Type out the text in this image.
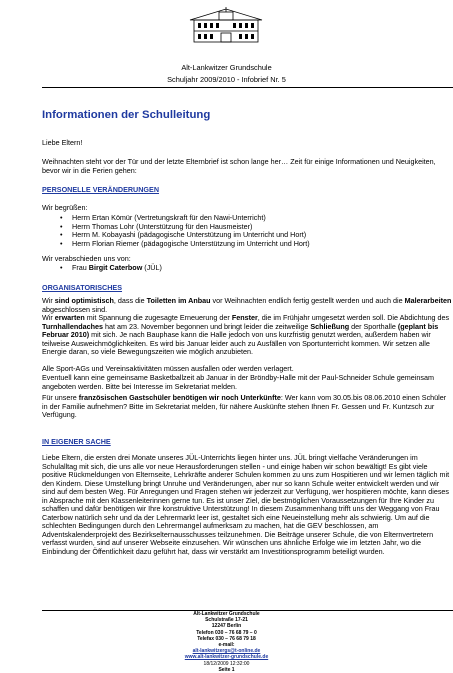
Alt-Lankwitzer Grundschule
Schuljahr 2009/2010 - Infobrief Nr. 5
Informationen der Schulleitung
Liebe Eltern!
Weihnachten steht vor der Tür und der letzte Elternbrief ist schon lange her… Zeit für einige Informationen und Neuigkeiten, bevor wir in die Ferien gehen:
PERSONELLE VERÄNDERUNGEN
Wir begrüßen:
• Herrn Ertan Kömür (Vertretungskraft für den Nawi-Unterricht)
• Herrn Thomas Lohr (Unterstützung für den Hausmeister)
• Herrn M. Kobayashi (pädagogische Unterstützung im Unterricht und Hort)
• Herrn Florian Riemer (pädagogische Unterstützung im Unterricht und Hort)
Wir verabschieden uns von:
• Frau Birgit Caterbow (JÜL)
ORGANISATORISCHES
Wir sind optimistisch, dass die Toiletten im Anbau vor Weihnachten endlich fertig gestellt werden und auch die Malerarbeiten abgeschlossen sind.
Wir erwarten mit Spannung die zugesagte Erneuerung der Fenster, die im Frühjahr umgesetzt werden soll. Die Abdichtung des Turnhallendaches hat am 23. November begonnen und bringt leider die zeitweilige Schließung der Sporthalle (geplant bis Februar 2010) mit sich. Je nach Bauphase kann die Halle jedoch von uns kurzfristig genutzt werden, außerdem haben wir teilweise Ausweichmöglichkeiten. Es wird bis Januar leider auch zu Ausfällen von Sportunterricht kommen. Wir setzen alle Energie daran, so viele Bewegungszeiten wie möglich anzubieten.
Alle Sport-AGs und Vereinsaktivitäten müssen ausfallen oder werden verlagert.
Eventuell kann eine gemeinsame Basketballzeit ab Januar in der Bröndby-Halle mit der Paul-Schneider Schule gemeinsam angeboten werden. Bitte bei Interesse im Sekretariat melden.
Für unsere französischen Gastschüler benötigen wir noch Unterkünfte: Wer kann vom 30.05.bis 08.06.2010 einen Schüler in der Familie aufnehmen? Bitte im Sekretariat melden, für nähere Auskünfte stehen Ihnen Fr. Gessen und Fr. Kuntzsch zur Verfügung.
IN EIGENER SACHE
Liebe Eltern, die ersten drei Monate unseres JÜL-Unterrichts liegen hinter uns. JÜL bringt vielfache Veränderungen im Schulalltag mit sich, die uns alle vor neue Herausforderungen stellen - und einige haben wir schon bewältigt! Es gibt viele positive Rückmeldungen von Elternseite, Lehrkräfte anderer Schulen kommen zu uns zum Hospitieren und wir lernen täglich mit den Kindern. Diese Umstellung bringt Unruhe und Veränderungen, aber nur so kann Schule weiter entwickelt werden und wir sind auf dem besten Weg. Für Anregungen und Fragen stehen wir jederzeit zur Verfügung, wer hospitieren möchte, kann dieses in Absprache mit den Klassenleiterinnen gerne tun. Es ist unser Ziel, die bestmöglichen Voraussetzungen für Ihre Kinder zu schaffen und dafür benötigen wir Ihre konstruktive Unterstützung! In diesem Zusammenhang trifft uns der Weggang von Frau Caterbow natürlich sehr und da der Lehrermarkt leer ist, gestaltet sich eine Neueinstellung mehr als schwierig. Um auf die schlechten Bedingungen durch den Lehrermangel aufmerksam zu machen, hat die GEV beschlossen, am Adventskalenderprojekt des Bezirkselternausschusses teilzunehmen. Die Beiträge unserer Schule, die von Elternvertretern verfasst wurden, sind auf unserer Webseite einzusehen. Wir wünschen uns ähnliche Erfolge wie im letzten Jahr, wo die Einbindung der Öffentlichkeit dazu geführt hat, dass wir verstärkt am Investitionsprogramm beteiligt wurden.
Alt-Lankwitzer Grundschule
Schulstraße 17-21
12247 Berlin
Telefon 030 – 76 68 79 – 0
Telefax 030 – 76 68 79 18
e-mail:
alt-lankwitzergs@t-online.de
www.alt-lankwitzer-grundschule.de
18/12/2009 12:32:00
Seite 1
